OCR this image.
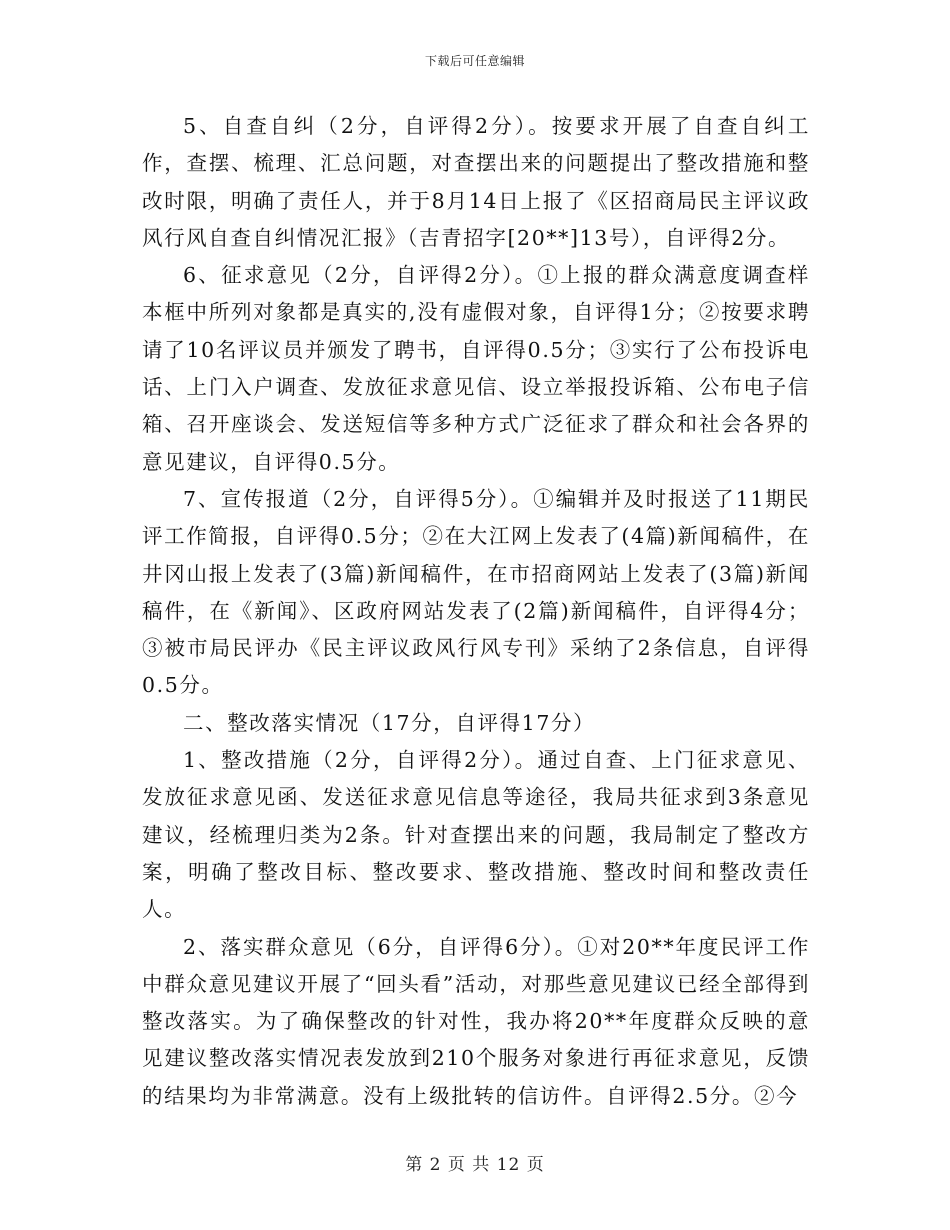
下载后可任意编辑

5、自查自纠（2分，自评得2分）。按要求开展了自查自纠工作，查摆、梳理、汇总问题，对查摆出来的问题提出了整改措施和整改时限，明确了责任人，并于8月14日上报了《区招商局民主评议政风行风自查自纠情况汇报》（吉青招字[20**]13号），自评得2分。

6、征求意见（2分，自评得2分）。①上报的群众满意度调查样本框中所列对象都是真实的,没有虚假对象，自评得1分；②按要求聘请了10名评议员并颁发了聘书，自评得0.5分；③实行了公布投诉电话、上门入户调查、发放征求意见信、设立举报投诉箱、公布电子信箱、召开座谈会、发送短信等多种方式广泛征求了群众和社会各界的意见建议，自评得0.5分。

7、宣传报道（2分，自评得5分）。①编辑并及时报送了11期民评工作简报，自评得0.5分；②在大江网上发表了(4篇)新闻稿件，在井冈山报上发表了(3篇)新闻稿件，在市招商网站上发表了(3篇)新闻稿件，在《新闻》、区政府网站发表了(2篇)新闻稿件，自评得4分；③被市局民评办《民主评议政风行风专刊》采纳了2条信息，自评得0.5分。

二、整改落实情况（17分，自评得17分）

1、整改措施（2分，自评得2分）。通过自查、上门征求意见、发放征求意见函、发送征求意见信息等途径，我局共征求到3条意见建议，经梳理归类为2条。针对查摆出来的问题，我局制定了整改方案，明确了整改目标、整改要求、整改措施、整改时间和整改责任人。

2、落实群众意见（6分，自评得6分）。①对20**年度民评工作中群众意见建议开展了“回头看”活动，对那些意见建议已经全部得到整改落实。为了确保整改的针对性，我办将20**年度群众反映的意见建议整改落实情况表发放到210个服务对象进行再征求意见，反馈的结果均为非常满意。没有上级批转的信访件。自评得2.5分。②今

第 2 页 共 12 页
